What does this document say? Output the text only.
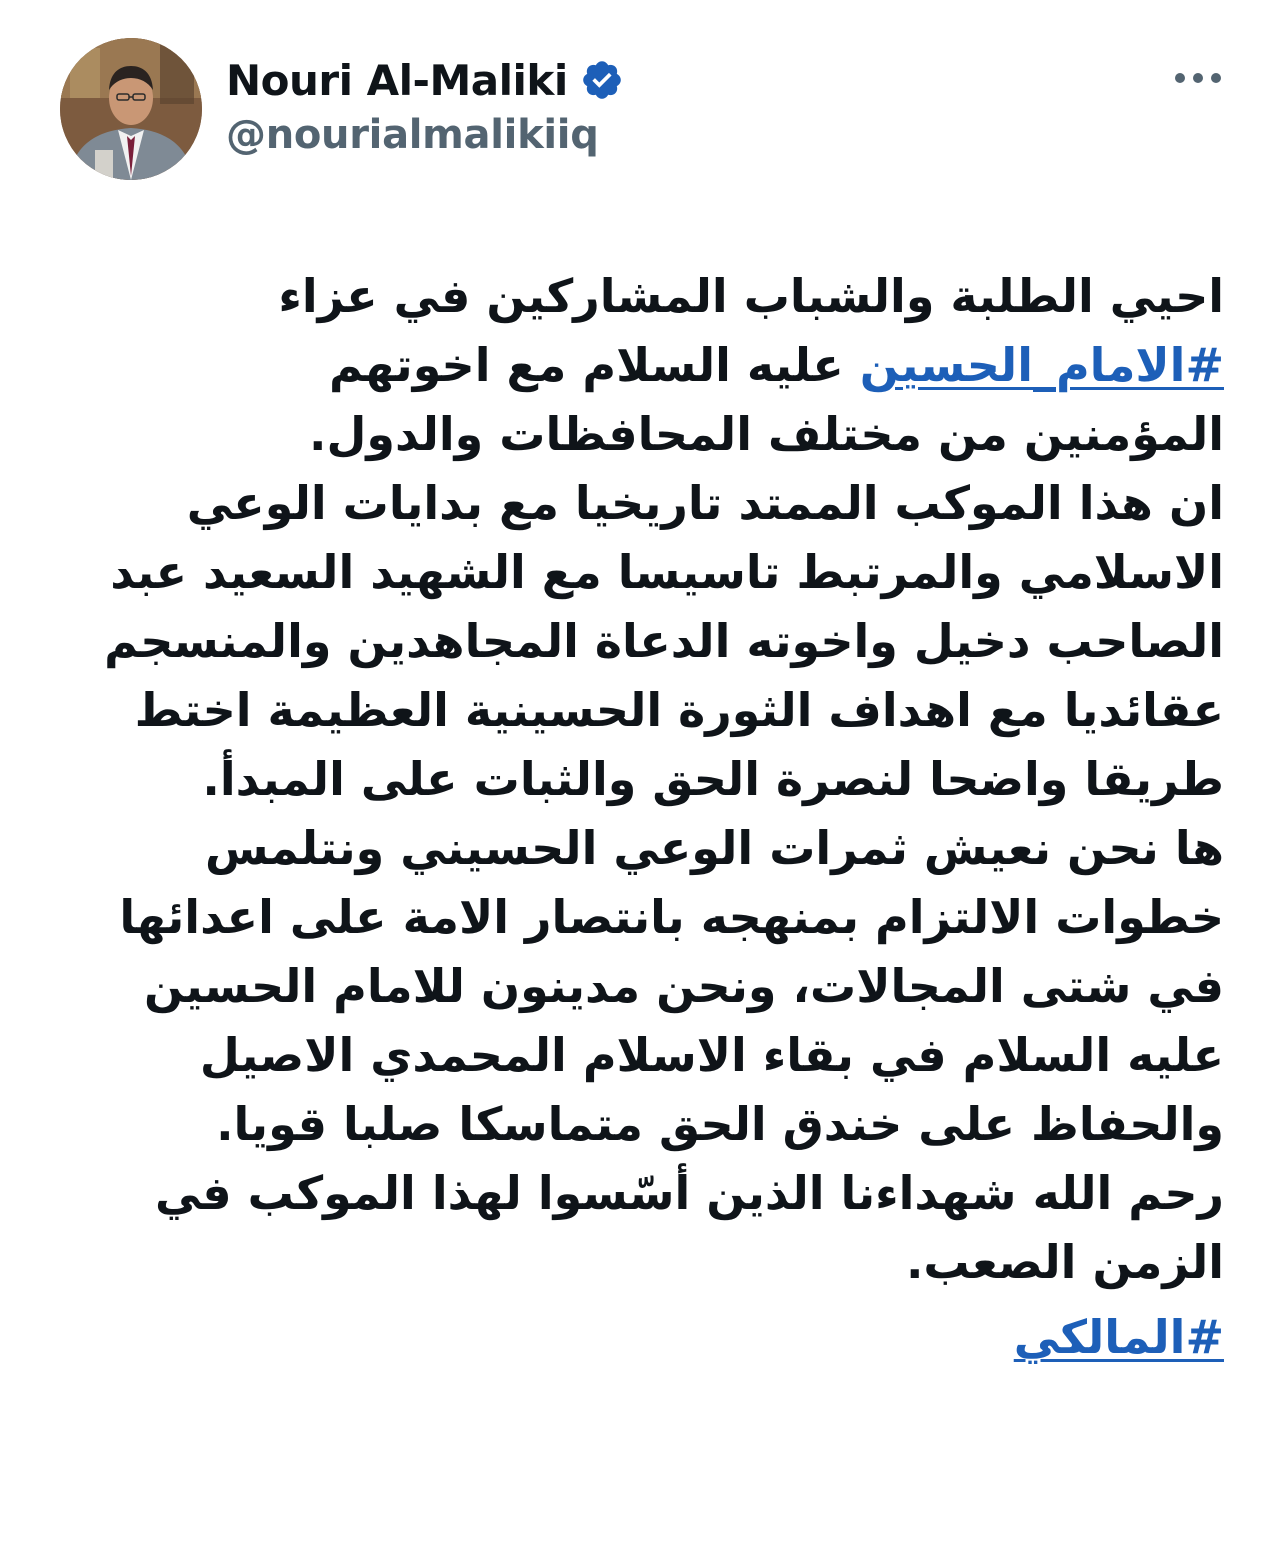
Nouri Al-Maliki
@nourialmalikiiq

احيي الطلبة والشباب المشاركين في عزاء
#الامام_الحسين عليه السلام مع اخوتهم
المؤمنين من مختلف المحافظات والدول.

ان هذا الموكب الممتد تاريخيا مع بدايات الوعي الاسلامي والمرتبط تاسيسا مع الشهيد السعيد عبد الصاحب دخيل واخوته الدعاة المجاهدين والمنسجم عقائديا مع اهداف الثورة الحسينية العظيمة اختط طريقا واضحا لنصرة الحق والثبات على المبدأ.

ها نحن نعيش ثمرات الوعي الحسيني ونتلمس خطوات الالتزام بمنهجه بانتصار الامة على اعدائها في شتى المجالات، ونحن مدينون للامام الحسين عليه السلام في بقاء الاسلام المحمدي الاصيل والحفاظ على خندق الحق متماسكا صلبا قويا.

رحم الله شهداءنا الذين أسّسوا لهذا الموكب في الزمن الصعب.

#المالكي
